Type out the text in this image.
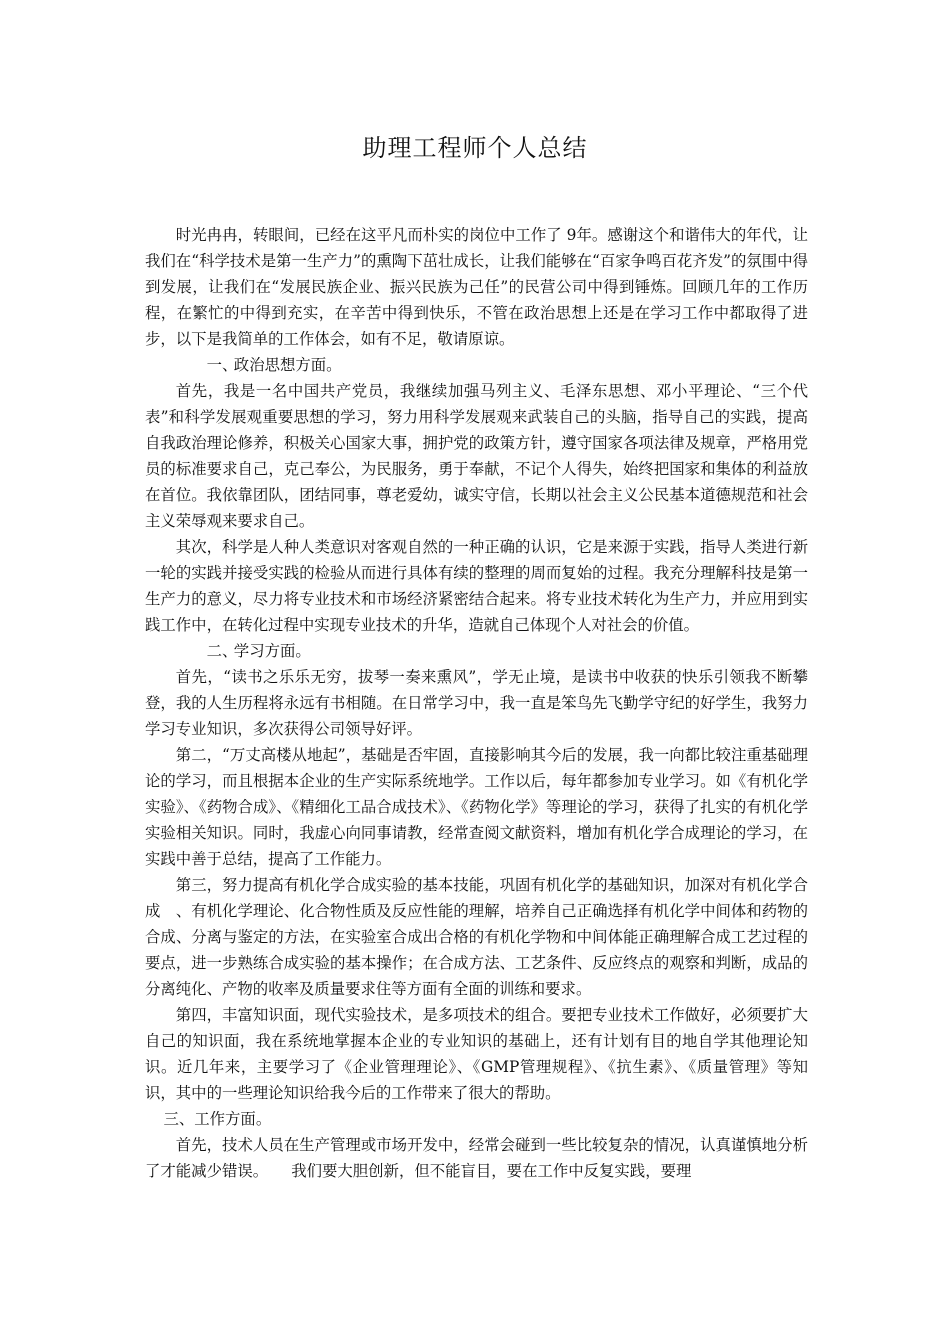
助理工程师个人总结

时光冉冉，转眼间，已经在这平凡而朴实的岗位中工作了 9年。感谢这个和谐伟大的年代，让我们在“科学技术是第一生产力”的熏陶下茁壮成长，让我们能够在“百家争鸣百花齐发”的氛围中得到发展，让我们在“发展民族企业、振兴民族为己任”的民营公司中得到锤炼。回顾几年的工作历程，在繁忙的中得到充实，在辛苦中得到快乐，不管在政治思想上还是在学习工作中都取得了进步，以下是我简单的工作体会，如有不足，敬请原谅。

一、政治思想方面。

首先，我是一名中国共产党员，我继续加强马列主义、毛泽东思想、邓小平理论、“三个代表”和科学发展观重要思想的学习，努力用科学发展观来武装自己的头脑，指导自己的实践，提高自我政治理论修养，积极关心国家大事，拥护党的政策方针，遵守国家各项法律及规章，严格用党员的标准要求自己，克己奉公，为民服务，勇于奉献，不记个人得失，始终把国家和集体的利益放在首位。我依靠团队，团结同事，尊老爱幼，诚实守信，长期以社会主义公民基本道德规范和社会主义荣辱观来要求自己。

其次，科学是人种人类意识对客观自然的一种正确的认识，它是来源于实践，指导人类进行新一轮的实践并接受实践的检验从而进行具体有续的整理的周而复始的过程。我充分理解科技是第一生产力的意义，尽力将专业技术和市场经济紧密结合起来。将专业技术转化为生产力，并应用到实践工作中，在转化过程中实现专业技术的升华，造就自己体现个人对社会的价值。

二、学习方面。

首先，“读书之乐乐无穷，拔琴一奏来熏风”，学无止境，是读书中收获的快乐引领我不断攀登，我的人生历程将永远有书相随。在日常学习中，我一直是笨鸟先飞勤学守纪的好学生，我努力学习专业知识，多次获得公司领导好评。

第二，“万丈高楼从地起”，基础是否牢固，直接影响其今后的发展，我一向都比较注重基础理论的学习，而且根据本企业的生产实际系统地学。工作以后，每年都参加专业学习。如《有机化学实验》、《药物合成》、《精细化工品合成技术》、《药物化学》等理论的学习，获得了扎实的有机化学实验相关知识。同时，我虚心向同事请教，经常查阅文献资料，增加有机化学合成理论的学习，在实践中善于总结，提高了工作能力。

第三，努力提高有机化学合成实验的基本技能，巩固有机化学的基础知识，加深对有机化学合成　、有机化学理论、化合物性质及反应性能的理解，培养自己正确选择有机化学中间体和药物的合成、分离与鉴定的方法，在实验室合成出合格的有机化学物和中间体能正确理解合成工艺过程的要点，进一步熟练合成实验的基本操作；在合成方法、工艺条件、反应终点的观察和判断，成品的分离纯化、产物的收率及质量要求住等方面有全面的训练和要求。

第四，丰富知识面，现代实验技术，是多项技术的组合。要把专业技术工作做好，必须要扩大自己的知识面，我在系统地掌握本企业的专业知识的基础上，还有计划有目的地自学其他理论知识。近几年来，主要学习了《企业管理理论》、《GMP管理规程》、《抗生素》、《质量管理》等知识，其中的一些理论知识给我今后的工作带来了很大的帮助。

三、工作方面。

首先，技术人员在生产管理或市场开发中，经常会碰到一些比较复杂的情况，认真谨慎地分析了才能减少错误。　　我们要大胆创新，但不能盲目，要在工作中反复实践，要理
